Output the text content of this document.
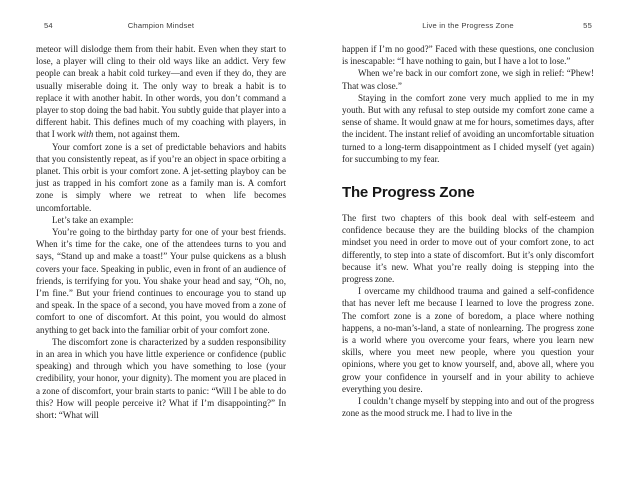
54	Champion Mindset

meteor will dislodge them from their habit. Even when they start to lose, a player will cling to their old ways like an addict. Very few people can break a habit cold turkey—and even if they do, they are usually miserable doing it. The only way to break a habit is to replace it with another habit. In other words, you don’t command a player to stop doing the bad habit. You subtly guide that player into a different habit. This defines much of my coaching with players, in that I work with them, not against them.

Your comfort zone is a set of predictable behaviors and habits that you consistently repeat, as if you’re an object in space orbiting a planet. This orbit is your comfort zone. A jet-setting playboy can be just as trapped in his comfort zone as a family man is. A comfort zone is simply where we retreat to when life becomes uncomfortable.

Let’s take an example:

You’re going to the birthday party for one of your best friends. When it’s time for the cake, one of the attendees turns to you and says, “Stand up and make a toast!” Your pulse quickens as a blush covers your face. Speaking in public, even in front of an audience of friends, is terrifying for you. You shake your head and say, “Oh, no, I’m fine.” But your friend continues to encourage you to stand up and speak. In the space of a second, you have moved from a zone of comfort to one of discomfort. At this point, you would do almost anything to get back into the familiar orbit of your comfort zone.

The discomfort zone is characterized by a sudden responsibility in an area in which you have little experience or confidence (public speaking) and through which you have something to lose (your credibility, your honor, your dignity). The moment you are placed in a zone of discomfort, your brain starts to panic: “Will I be able to do this? How will people perceive it? What if I’m disappointing?” In short: “What will

Live in the Progress Zone	55

happen if I’m no good?” Faced with these questions, one conclusion is inescapable: “I have nothing to gain, but I have a lot to lose.”

When we’re back in our comfort zone, we sigh in relief: “Phew! That was close.”

Staying in the comfort zone very much applied to me in my youth. But with any refusal to step outside my comfort zone came a sense of shame. It would gnaw at me for hours, sometimes days, after the incident. The instant relief of avoiding an uncomfortable situation turned to a long-term disappointment as I chided myself (yet again) for succumbing to my fear.

The Progress Zone

The first two chapters of this book deal with self-esteem and confidence because they are the building blocks of the champion mindset you need in order to move out of your comfort zone, to act differently, to step into a state of discomfort. But it’s only discomfort because it’s new. What you’re really doing is stepping into the progress zone.

I overcame my childhood trauma and gained a self-confidence that has never left me because I learned to love the progress zone. The comfort zone is a zone of boredom, a place where nothing happens, a no-man’s-land, a state of nonlearning. The progress zone is a world where you overcome your fears, where you learn new skills, where you meet new people, where you question your opinions, where you get to know yourself, and, above all, where you grow your confidence in yourself and in your ability to achieve everything you desire.

I couldn’t change myself by stepping into and out of the progress zone as the mood struck me. I had to live in the
